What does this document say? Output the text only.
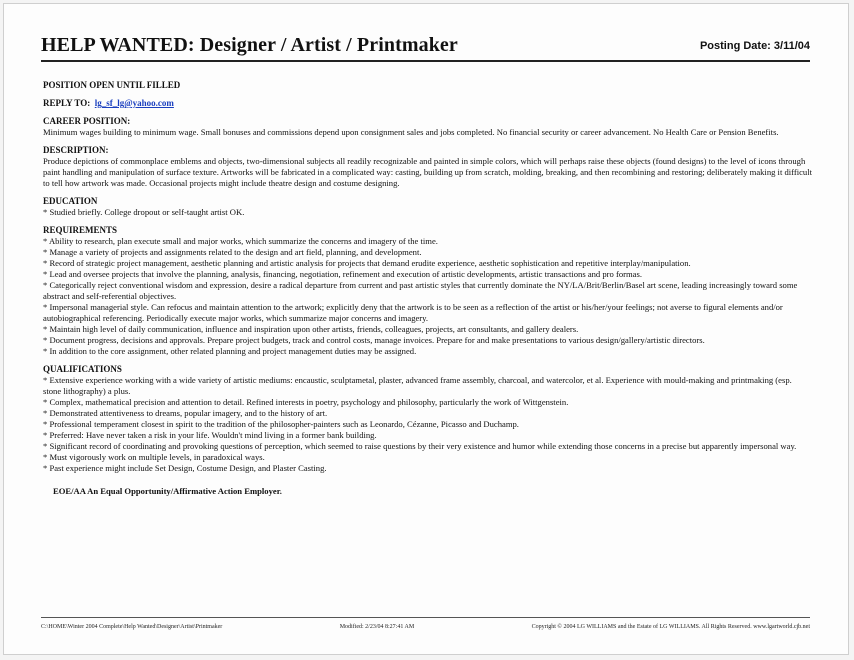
HELP WANTED: Designer / Artist / Printmaker	Posting Date: 3/11/04
POSITION OPEN UNTIL FILLED
REPLY TO: lg_sf_lg@yahoo.com
CAREER POSITION:
Minimum wages building to minimum wage. Small bonuses and commissions depend upon consignment sales and jobs completed. No financial security or career advancement. No Health Care or Pension Benefits.
DESCRIPTION:
Produce depictions of commonplace emblems and objects, two-dimensional subjects all readily recognizable and painted in simple colors, which will perhaps raise these objects (found designs) to the level of icons through paint handling and manipulation of surface texture. Artworks will be fabricated in a complicated way: casting, building up from scratch, molding, breaking, and then recombining and restoring; deliberately making it difficult to tell how artwork was made. Occasional projects might include theatre design and costume designing.
EDUCATION
* Studied briefly. College dropout or self-taught artist OK.
REQUIREMENTS
* Ability to research, plan execute small and major works, which summarize the concerns and imagery of the time.
* Manage a variety of projects and assignments related to the design and art field, planning, and development.
* Record of strategic project management, aesthetic planning and artistic analysis for projects that demand erudite experience, aesthetic sophistication and repetitive interplay/manipulation.
* Lead and oversee projects that involve the planning, analysis, financing, negotiation, refinement and execution of artistic developments, artistic transactions and pro formas.
* Categorically reject conventional wisdom and expression, desire a radical departure from current and past artistic styles that currently dominate the NY/LA/Brit/Berlin/Basel art scene, leading increasingly toward some abstract and self-referential objectives.
* Impersonal managerial style. Can refocus and maintain attention to the artwork; explicitly deny that the artwork is to be seen as a reflection of the artist or his/her/your feelings; not averse to figural elements and/or autobiographical referencing. Periodically execute major works, which summarize major concerns and imagery.
* Maintain high level of daily communication, influence and inspiration upon other artists, friends, colleagues, projects, art consultants, and gallery dealers.
* Document progress, decisions and approvals. Prepare project budgets, track and control costs, manage invoices. Prepare for and make presentations to various design/gallery/artistic directors.
* In addition to the core assignment, other related planning and project management duties may be assigned.
QUALIFICATIONS
* Extensive experience working with a wide variety of artistic mediums: encaustic, sculptametal, plaster, advanced frame assembly, charcoal, and watercolor, et al. Experience with mould-making and printmaking (esp. stone lithography) a plus.
* Complex, mathematical precision and attention to detail. Refined interests in poetry, psychology and philosophy, particularly the work of Wittgenstein.
* Demonstrated attentiveness to dreams, popular imagery, and to the history of art.
* Professional temperament closest in spirit to the tradition of the philosopher-painters such as Leonardo, Cézanne, Picasso and Duchamp.
* Preferred: Have never taken a risk in your life. Wouldn't mind living in a former bank building.
* Significant record of coordinating and provoking questions of perception, which seemed to raise questions by their very existence and humor while extending those concerns in a precise but apparently impersonal way.
* Must vigorously work on multiple levels, in paradoxical ways.
* Past experience might include Set Design, Costume Design, and Plaster Casting.
EOE/AA An Equal Opportunity/Affirmative Action Employer.
C:\HOME\Winter 2004 Complete\Help Wanted\Designer\Artist\Printmaker	Modified: 2/23/04 8:27:41 AM	Copyright © 2004 LG WILLIAMS and the Estate of LG WILLIAMS. All Rights Reserved. www.lgartworld.cjb.net
